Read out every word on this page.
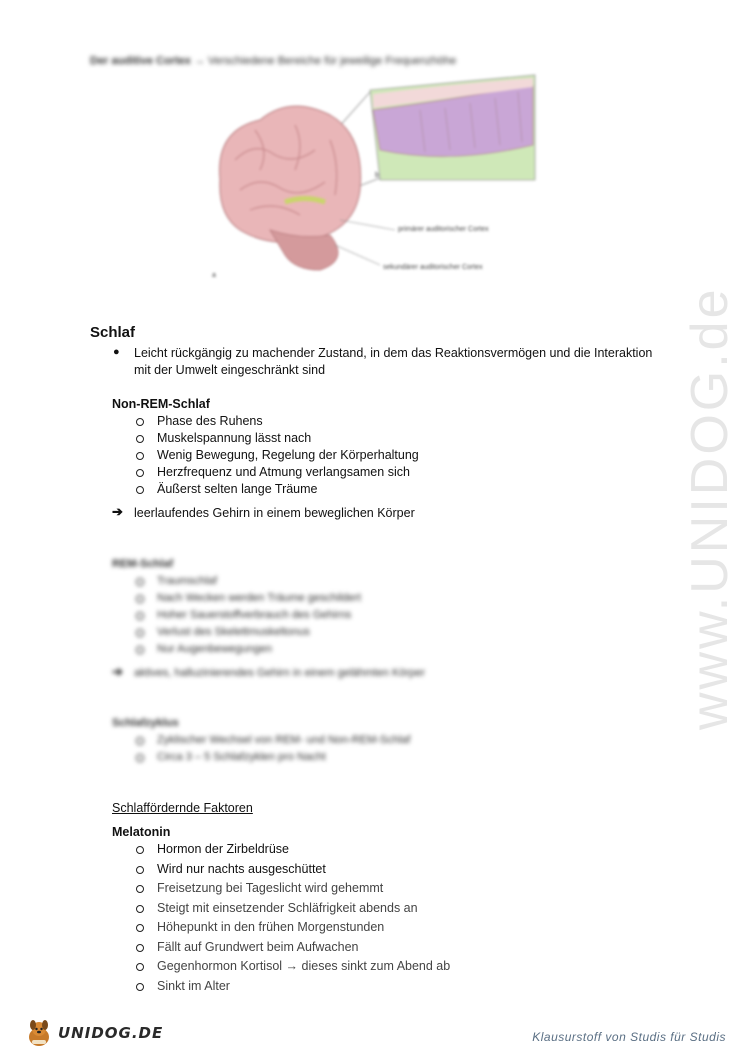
Der auditive Cortex → Verschiedene Bereiche für jeweilige Frequenzhöhe
b
a
primärer auditorischer Cortex
sekundärer auditorischer Cortex
www.UNIDOG.de
Schlaf
● Leicht rückgängig zu machender Zustand, in dem das Reaktionsvermögen und die Interaktion
mit der Umwelt eingeschränkt sind
Non-REM-Schlaf
Phase des Ruhens
Muskelspannung lässt nach
Wenig Bewegung, Regelung der Körperhaltung
Herzfrequenz und Atmung verlangsamen sich
Äußerst selten lange Träume
➔ leerlaufendes Gehirn in einem beweglichen Körper
REM-Schlaf
Traumschlaf
Nach Wecken werden Träume geschildert
Hoher Sauerstoffverbrauch des Gehirns
Verlust des Skelettmuskeltonus
Nur Augenbewegungen
➔ aktives, halluzinierendes Gehirn in einem gelähmten Körper
Schlafzyklus
Zyklischer Wechsel von REM- und Non-REM-Schlaf
Circa 3 – 5 Schlafzyklen pro Nacht
Schlaffördernde Faktoren
Melatonin
Hormon der Zirbeldrüse
Wird nur nachts ausgeschüttet
Freisetzung bei Tageslicht wird gehemmt
Steigt mit einsetzender Schläfrigkeit abends an
Höhepunkt in den frühen Morgenstunden
Fällt auf Grundwert beim Aufwachen
Gegenhormon Kortisol → dieses sinkt zum Abend ab
Sinkt im Alter
UNIDOG.DE	Klausurstoff von Studis für Studis
